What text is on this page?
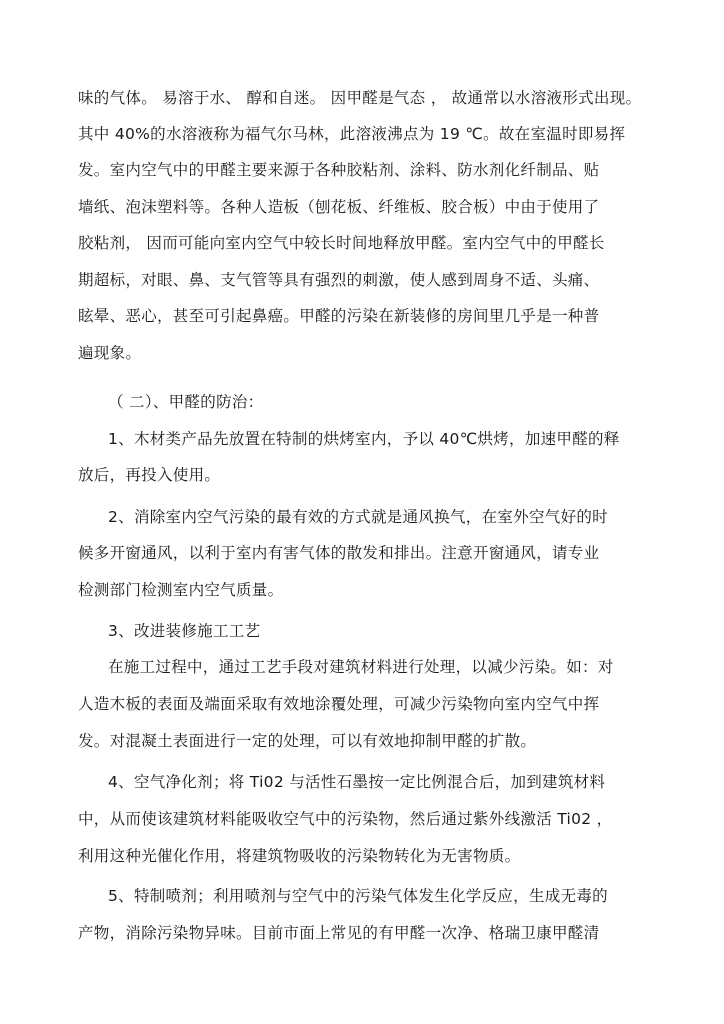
味的气体。 易溶于水、 醇和自迷。 因甲醛是气态 ， 故通常以水溶液形式出现。
其中 40%的水溶液称为福气尔马林，此溶液沸点为 19 ℃。故在室温时即易挥
发。室内空气中的甲醛主要来源于各种胶粘剂、涂料、防水剂化纤制品、贴
墙纸、泡沫塑料等。各种人造板（刨花板、纤维板、胶合板）中由于使用了
胶粘剂， 因而可能向室内空气中较长时间地释放甲醛。室内空气中的甲醛长
期超标，对眼、鼻、支气管等具有强烈的刺激，使人感到周身不适、头痛、
眩晕、恶心，甚至可引起鼻癌。甲醛的污染在新装修的房间里几乎是一种普
遍现象。
（ 二）、甲醛的防治：
1、木材类产品先放置在特制的烘烤室内，予以 40℃烘烤，加速甲醛的释
放后，再投入使用。
2、消除室内空气污染的最有效的方式就是通风换气，在室外空气好的时
候多开窗通风，以利于室内有害气体的散发和排出。注意开窗通风，请专业
检测部门检测室内空气质量。
3、改进装修施工工艺
在施工过程中，通过工艺手段对建筑材料进行处理，以减少污染。如：对
人造木板的表面及端面采取有效地涂覆处理，可减少污染物向室内空气中挥
发。对混凝土表面进行一定的处理，可以有效地抑制甲醛的扩散。
4、空气净化剂；将 Ti02 与活性石墨按一定比例混合后，加到建筑材料
中，从而使该建筑材料能吸收空气中的污染物，然后通过紫外线激活 Ti02 ，
利用这种光催化作用，将建筑物吸收的污染物转化为无害物质。
5、特制喷剂；利用喷剂与空气中的污染气体发生化学反应，生成无毒的
产物，消除污染物异味。目前市面上常见的有甲醛一次净、格瑞卫康甲醛清
